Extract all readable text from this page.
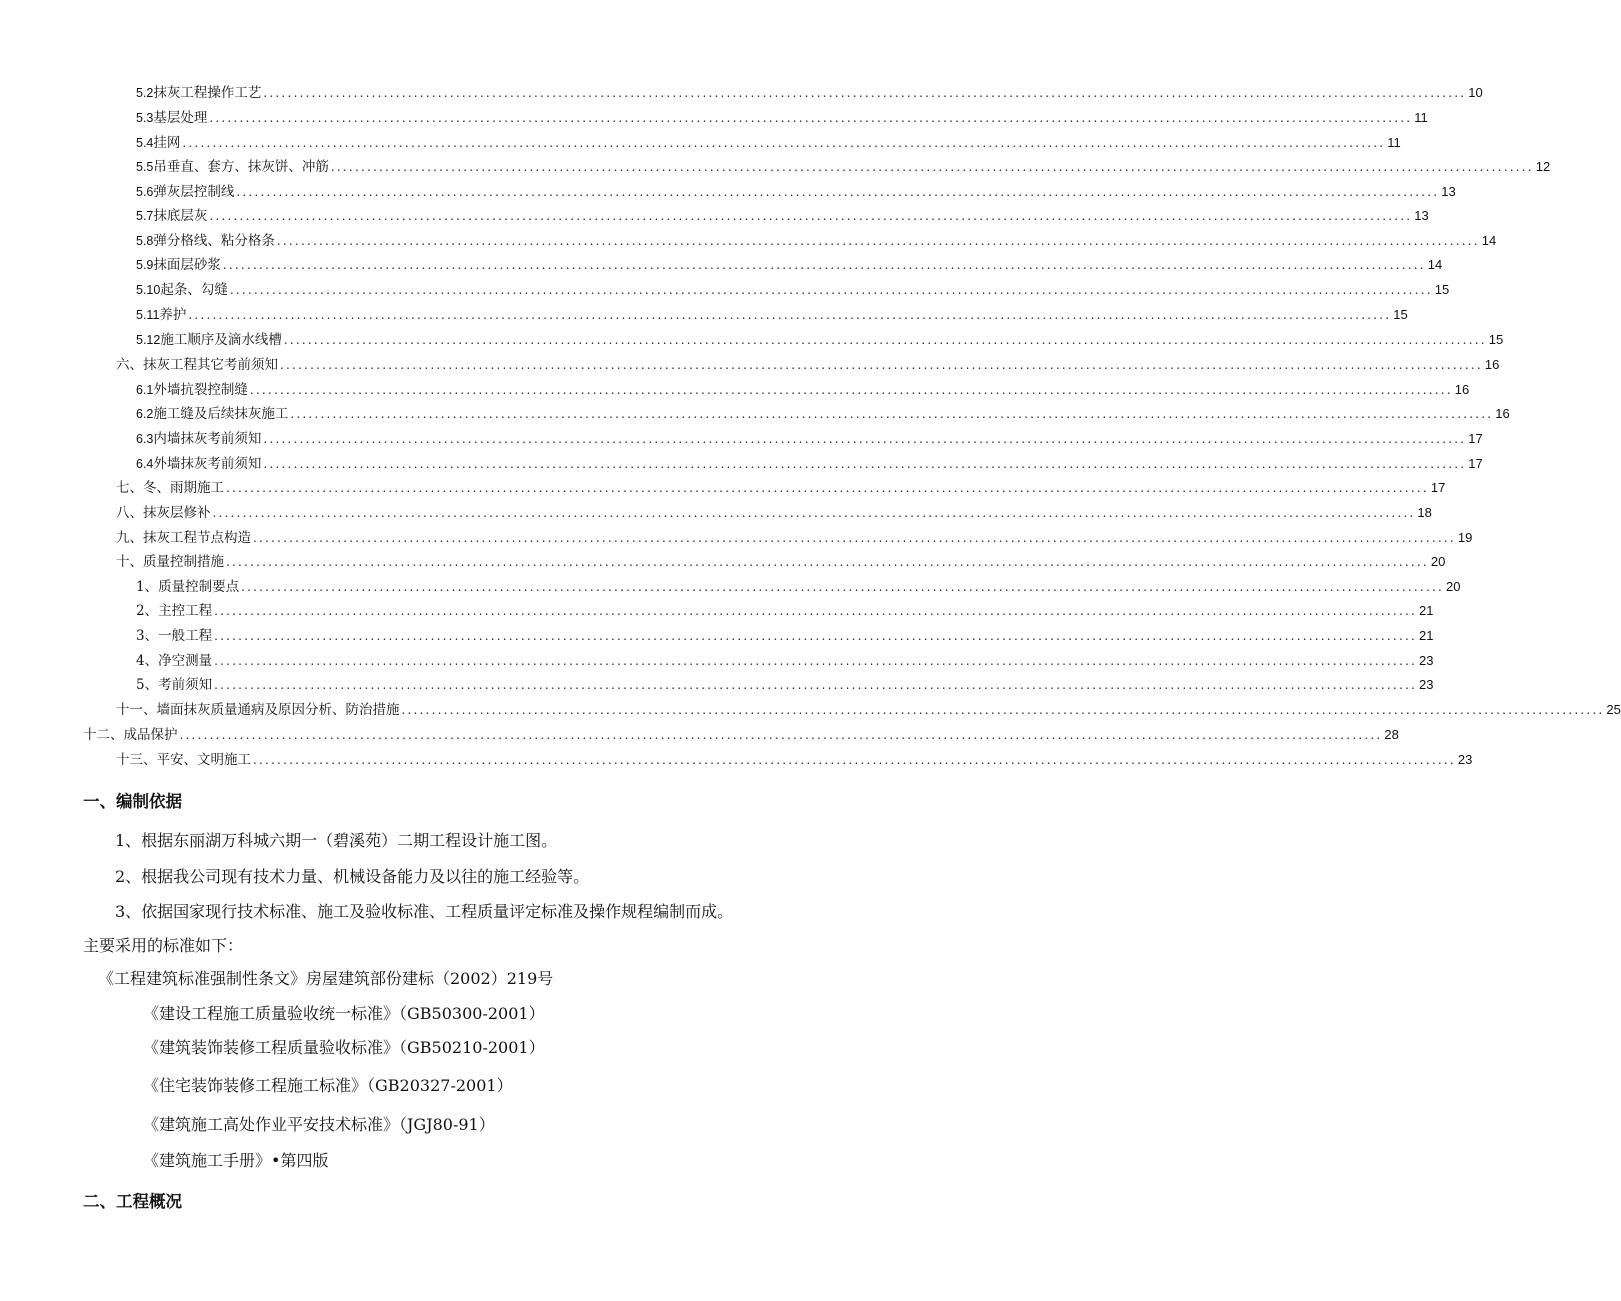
5.2 抹灰工程操作工艺 ........................................................................................................................................................................................................ 10
5.3 基层处理 ........................................................................................................................................................................................................ 11
5.4 挂网 ........................................................................................................................................................................................................ 11
5.5 吊垂直、套方、抹灰饼、冲筋 ........................................................................................................................................................................................................ 12
5.6 弹灰层控制线 ........................................................................................................................................................................................................ 13
5.7 抹底层灰 ........................................................................................................................................................................................................ 13
5.8 弹分格线、粘分格条 ........................................................................................................................................................................................................ 14
5.9 抹面层砂浆 ........................................................................................................................................................................................................ 14
5.10 起条、勾缝 ........................................................................................................................................................................................................ 15
5.11 养护 ........................................................................................................................................................................................................ 15
5.12 施工顺序及滴水线槽 ........................................................................................................................................................................................................ 15
六、抹灰工程其它考前须知 ........................................................................................................................................................................................................ 16
6.1 外墙抗裂控制缝 ........................................................................................................................................................................................................ 16
6.2 施工缝及后续抹灰施工 ........................................................................................................................................................................................................ 16
6.3 内墙抹灰考前须知 ........................................................................................................................................................................................................ 17
6.4 外墙抹灰考前须知 ........................................................................................................................................................................................................ 17
七、冬、雨期施工 ........................................................................................................................................................................................................ 17
八、抹灰层修补 ........................................................................................................................................................................................................ 18
九、抹灰工程节点构造 ........................................................................................................................................................................................................ 19
十、质量控制措施 ........................................................................................................................................................................................................ 20
1、质量控制要点 ........................................................................................................................................................................................................ 20
2、主控工程 ........................................................................................................................................................................................................ 21
3、一般工程 ........................................................................................................................................................................................................ 21
4、净空测量 ........................................................................................................................................................................................................ 23
5、考前须知 ........................................................................................................................................................................................................ 23
十一、墙面抹灰质量通病及原因分析、防治措施 ........................................................................................................................................................................................................ 25
十二、成品保护 ........................................................................................................................................................................................................ 28
十三、平安、文明施工 ........................................................................................................................................................................................................ 23
一、编制依据
1、根据东丽湖万科城六期一（碧溪苑）二期工程设计施工图。
2、根据我公司现有技术力量、机械设备能力及以往的施工经验等。
3、依据国家现行技术标准、施工及验收标准、工程质量评定标准及操作规程编制而成。
主要采用的标准如下：
《工程建筑标准强制性条文》房屋建筑部份建标（2002）219号
《建设工程施工质量验收统一标准》（GB50300-2001）
《建筑装饰装修工程质量验收标准》（GB50210-2001）
《住宅装饰装修工程施工标准》（GB20327-2001）
《建筑施工高处作业平安技术标准》（JGJ80-91）
《建筑施工手册》•第四版
二、工程概况
